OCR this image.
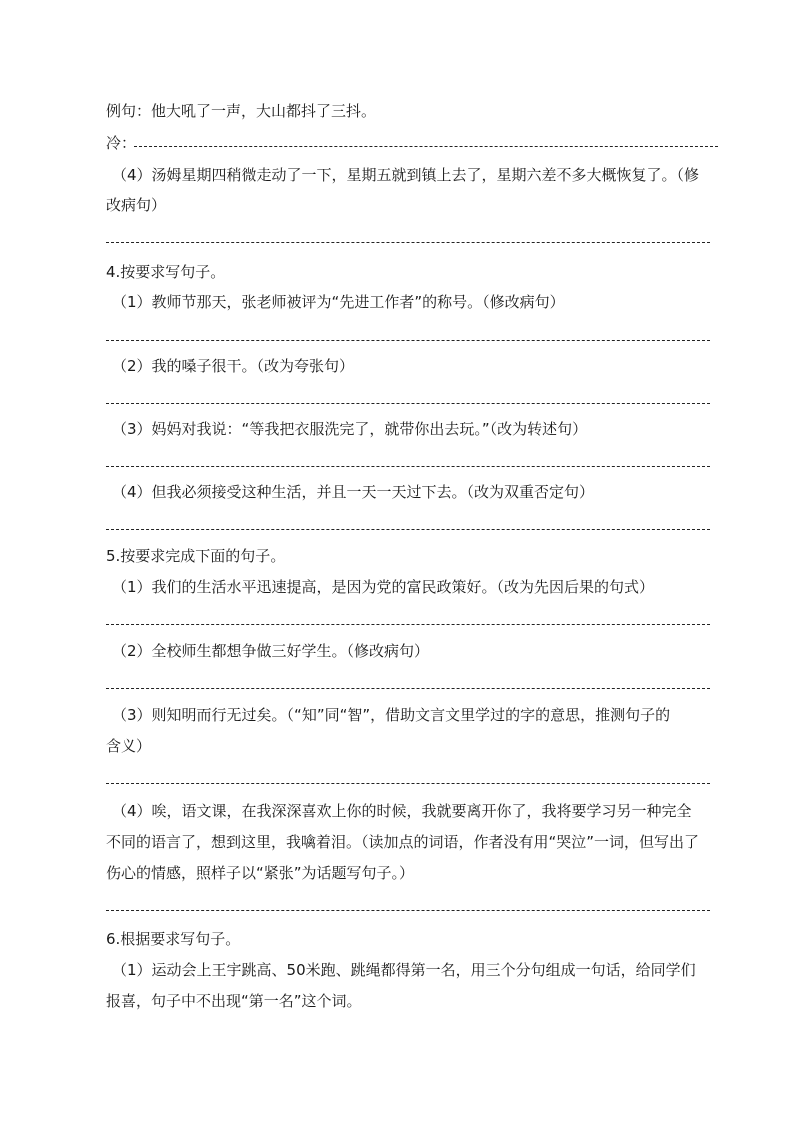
例句：他大吼了一声，大山都抖了三抖。
冷：
（4）汤姆星期四稍微走动了一下，星期五就到镇上去了，星期六差不多大概恢复了。（修
改病句）
4.按要求写句子。
（1）教师节那天，张老师被评为“先进工作者”的称号。（修改病句）
（2）我的嗓子很干。（改为夸张句）
（3）妈妈对我说：“等我把衣服洗完了，就带你出去玩。”（改为转述句）
（4）但我必须接受这种生活，并且一天一天过下去。（改为双重否定句）
5.按要求完成下面的句子。
（1）我们的生活水平迅速提高，是因为党的富民政策好。（改为先因后果的句式）
（2）全校师生都想争做三好学生。（修改病句）
（3）则知明而行无过矣。（“知”同“智”，借助文言文里学过的字的意思，推测句子的
含义）
（4）唉，语文课，在我深深喜欢上你的时候，我就要离开你了，我将要学习另一种完全
不同的语言了，想到这里，我噙着泪。（读加点的词语，作者没有用“哭泣”一词，但写出了
伤心的情感，照样子以“紧张”为话题写句子。）
6.根据要求写句子。
（1）运动会上王宇跳高、50米跑、跳绳都得第一名，用三个分句组成一句话，给同学们
报喜，句子中不出现“第一名”这个词。
